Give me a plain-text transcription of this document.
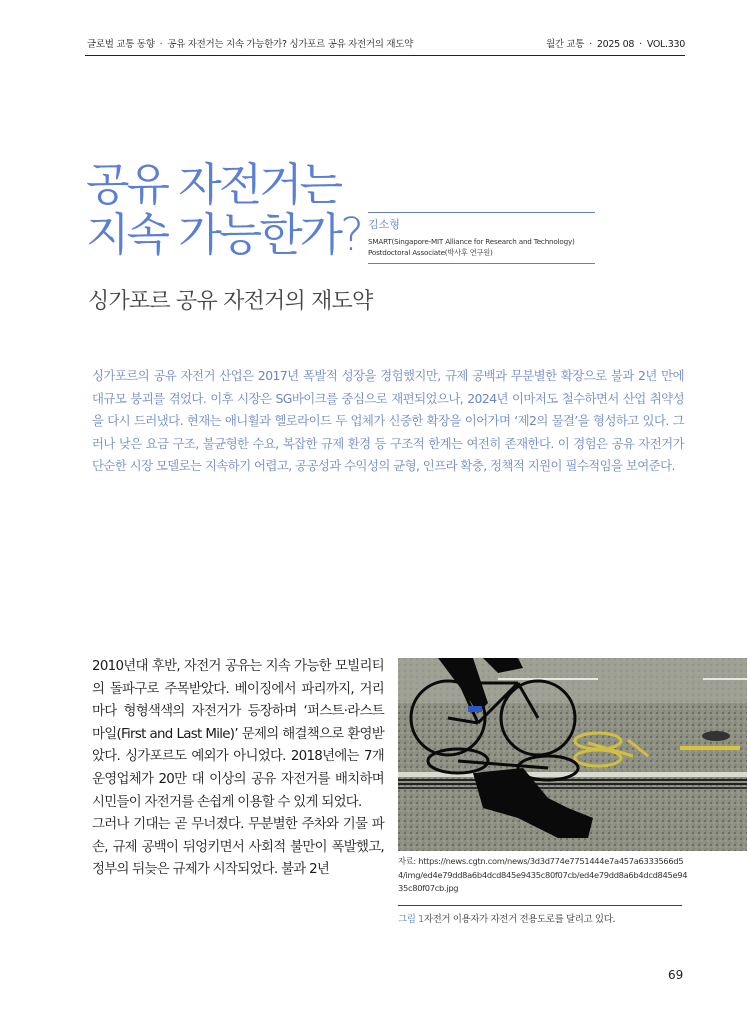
글로벌 교통 동향 · 공유 자전거는 지속 가능한가? 싱가포르 공유 자전거의 재도약	월간 교통 · 2025 08 · VOL.330
공유 자전거는
지속 가능한가? 김소형
SMART(Singapore-MIT Alliance for Research and Technology)
Postdoctoral Associate(박사후 연구원)
싱가포르 공유 자전거의 재도약
싱가포르의 공유 자전거 산업은 2017년 폭발적 성장을 경험했지만, 규제 공백과 무분별한 확장으로 불과 2년 만에 대규모 붕괴를 겪었다. 이후 시장은 SG바이크를 중심으로 재편되었으나, 2024년 이마저도 철수하면서 산업 취약성을 다시 드러냈다. 현재는 애니휠과 헬로라이드 두 업체가 신중한 확장을 이어가며 ‘제2의 물결’을 형성하고 있다. 그러나 낮은 요금 구조, 불균형한 수요, 복잡한 규제 환경 등 구조적 한계는 여전히 존재한다. 이 경험은 공유 자전거가 단순한 시장 모델로는 지속하기 어렵고, 공공성과 수익성의 균형, 인프라 확충, 정책적 지원이 필수적임을 보여준다.

2010년대 후반, 자전거 공유는 지속 가능한 모빌리티의 돌파구로 주목받았다. 베이징에서 파리까지, 거리마다 형형색색의 자전거가 등장하며 ‘퍼스트·라스트 마일(First and Last Mile)’ 문제의 해결책으로 환영받았다. 싱가포르도 예외가 아니었다. 2018년에는 7개 운영업체가 20만 대 이상의 공유 자전거를 배치하며 시민들이 자전거를 손쉽게 이용할 수 있게 되었다.

그러나 기대는 곧 무너졌다. 무분별한 주차와 기물 파손, 규제 공백이 뒤엉키면서 사회적 불만이 폭발했고, 정부의 뒤늦은 규제가 시작되었다. 불과 2년

자료: https://news.cgtn.com/news/3d3d774e7751444e7a457a6333566d54/img/ed4e79dd8a6b4dcd845e9435c80f07cb/ed4e79dd8a6b4dcd845e9435c80f07cb.jpg
그림 1자전거 이용자가 자전거 전용도로를 달리고 있다.
69
